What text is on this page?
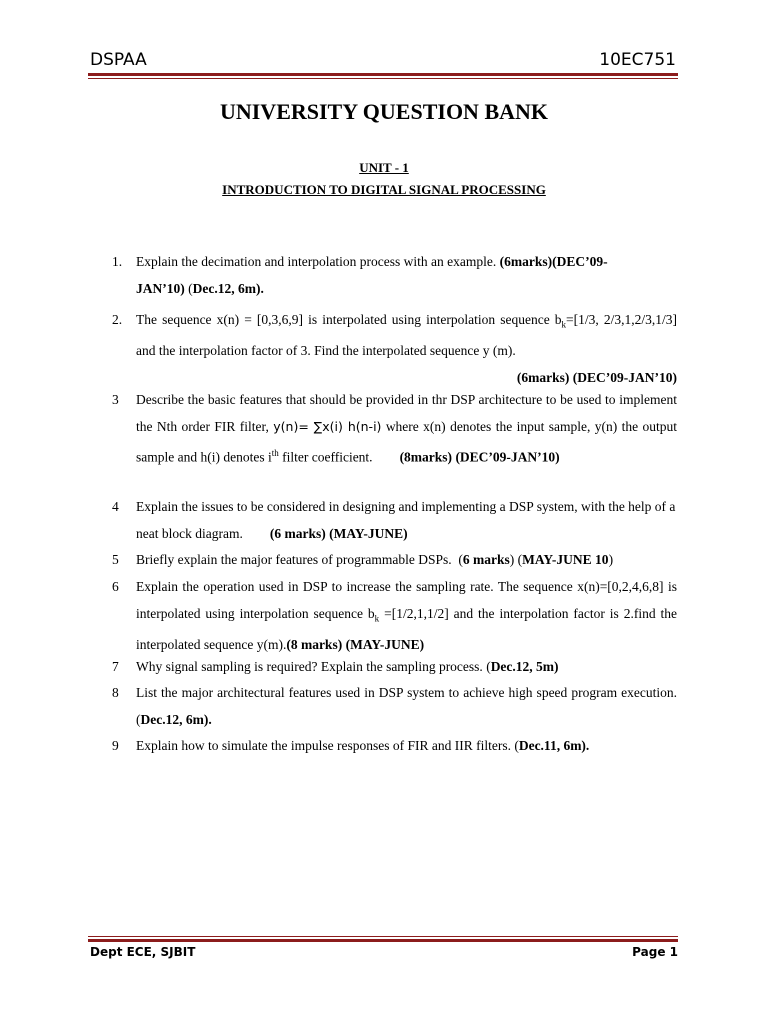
DSPAA	10EC751
UNIVERSITY QUESTION BANK
UNIT - 1
INTRODUCTION TO DIGITAL SIGNAL PROCESSING
1. Explain the decimation and interpolation process with an example. (6marks)(DEC’09-
JAN’10) (Dec.12, 6m).
2. The sequence x(n) = [0,3,6,9] is interpolated using interpolation sequence $b_k=[1/3$, 2/3,1,2/3,1/3] and the interpolation factor of 3. Find the interpolated sequence y (m).
(6marks) (DEC’09-JAN’10)
3 Describe the basic features that should be provided in thr DSP architecture to be used to implement the Nth order FIR filter, y(n)= ∑x(i) h(n-i) where x(n) denotes the input sample, y(n) the output sample and h(i) denotes $i^{th}$ filter coefficient. (8marks) (DEC’09-JAN’10)
4 Explain the issues to be considered in designing and implementing a DSP system, with the help of a neat block diagram. (6 marks) (MAY-JUNE)
5 Briefly explain the major features of programmable DSPs.  (6 marks) (MAY-JUNE 10)
6 Explain the operation used in DSP to increase the sampling rate. The sequence x(n)=[0,2,4,6,8] is interpolated using interpolation sequence $b_k =[1/2,1,1/2]$ and the interpolation factor is 2.find the interpolated sequence y(m).(8 marks) (MAY-JUNE)
7 Why signal sampling is required? Explain the sampling process. (Dec.12, 5m)
8 List the major architectural features used in DSP system to achieve high speed program execution. (Dec.12, 6m).
9 Explain how to simulate the impulse responses of FIR and IIR filters. (Dec.11, 6m).
Dept ECE, SJBIT	Page 1
